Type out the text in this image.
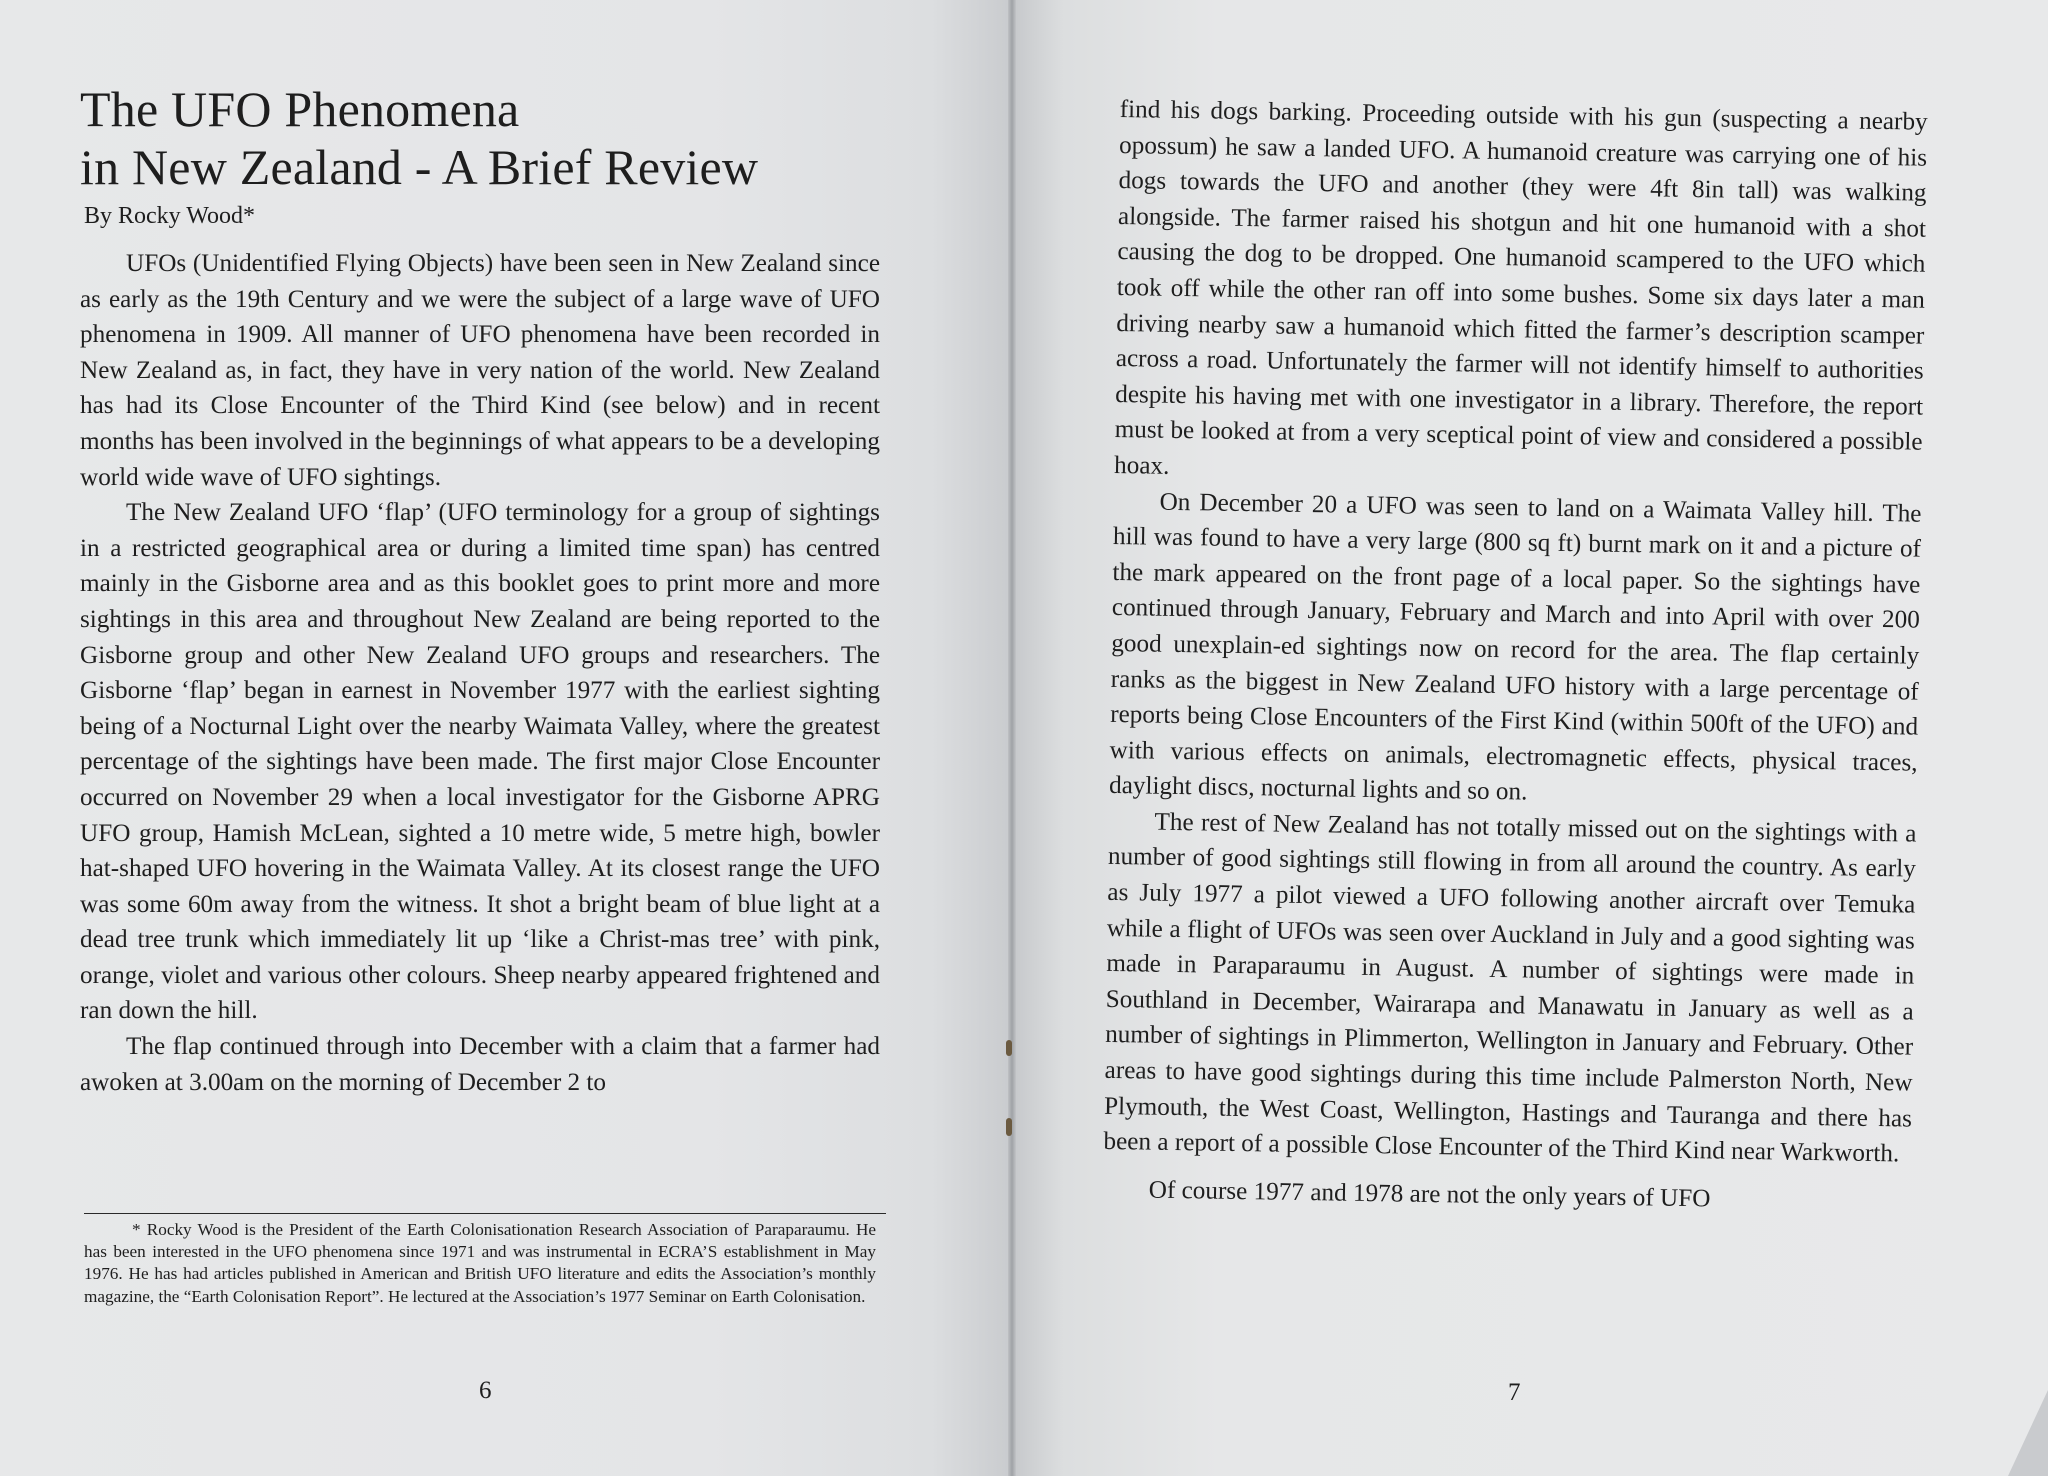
The UFO Phenomena
in New Zealand - A Brief Review
By Rocky Wood*

UFOs (Unidentified Flying Objects) have been seen in New Zealand since as early as the 19th Century and we were the subject of a large wave of UFO phenomena in 1909. All manner of UFO phenomena have been recorded in New Zealand as, in fact, they have in very nation of the world. New Zealand has had its Close Encounter of the Third Kind (see below) and in recent months has been involved in the beginnings of what appears to be a developing world wide wave of UFO sightings.

The New Zealand UFO ‘flap’ (UFO terminology for a group of sightings in a restricted geographical area or during a limited time span) has centred mainly in the Gisborne area and as this booklet goes to print more and more sightings in this area and throughout New Zealand are being reported to the Gisborne group and other New Zealand UFO groups and researchers. The Gisborne ‘flap’ began in earnest in November 1977 with the earliest sighting being of a Nocturnal Light over the nearby Waimata Valley, where the greatest percentage of the sightings have been made. The first major Close Encounter occurred on November 29 when a local investigator for the Gisborne APRG UFO group, Hamish McLean, sighted a 10 metre wide, 5 metre high, bowler hat-shaped UFO hovering in the Waimata Valley. At its closest range the UFO was some 60m away from the witness. It shot a bright beam of blue light at a dead tree trunk which immediately lit up ‘like a Christ-mas tree’ with pink, orange, violet and various other colours. Sheep nearby appeared frightened and ran down the hill.

The flap continued through into December with a claim that a farmer had awoken at 3.00am on the morning of December 2 to

* Rocky Wood is the President of the Earth Colonisationation Research Association of Paraparaumu. He has been interested in the UFO phenomena since 1971 and was instrumental in ECRA’S establishment in May 1976. He has had articles published in American and British UFO literature and edits the Association’s monthly magazine, the “Earth Colonisation Report”. He lectured at the Association’s 1977 Seminar on Earth Colonisation.

6

find his dogs barking. Proceeding outside with his gun (suspecting a nearby opossum) he saw a landed UFO. A humanoid creature was carrying one of his dogs towards the UFO and another (they were 4ft 8in tall) was walking alongside. The farmer raised his shotgun and hit one humanoid with a shot causing the dog to be dropped. One humanoid scampered to the UFO which took off while the other ran off into some bushes. Some six days later a man driving nearby saw a humanoid which fitted the farmer’s description scamper across a road. Unfortunately the farmer will not identify himself to authorities despite his having met with one investigator in a library. Therefore, the report must be looked at from a very sceptical point of view and considered a possible hoax.

On December 20 a UFO was seen to land on a Waimata Valley hill. The hill was found to have a very large (800 sq ft) burnt mark on it and a picture of the mark appeared on the front page of a local paper. So the sightings have continued through January, February and March and into April with over 200 good unexplain-ed sightings now on record for the area. The flap certainly ranks as the biggest in New Zealand UFO history with a large percentage of reports being Close Encounters of the First Kind (within 500ft of the UFO) and with various effects on animals, electromagnetic effects, physical traces, daylight discs, nocturnal lights and so on.

The rest of New Zealand has not totally missed out on the sightings with a number of good sightings still flowing in from all around the country. As early as July 1977 a pilot viewed a UFO following another aircraft over Temuka while a flight of UFOs was seen over Auckland in July and a good sighting was made in Paraparaumu in August. A number of sightings were made in Southland in December, Wairarapa and Manawatu in January as well as a number of sightings in Plimmerton, Wellington in January and February. Other areas to have good sightings during this time include Palmerston North, New Plymouth, the West Coast, Wellington, Hastings and Tauranga and there has been a report of a possible Close Encounter of the Third Kind near Warkworth.

Of course 1977 and 1978 are not the only years of UFO

7
